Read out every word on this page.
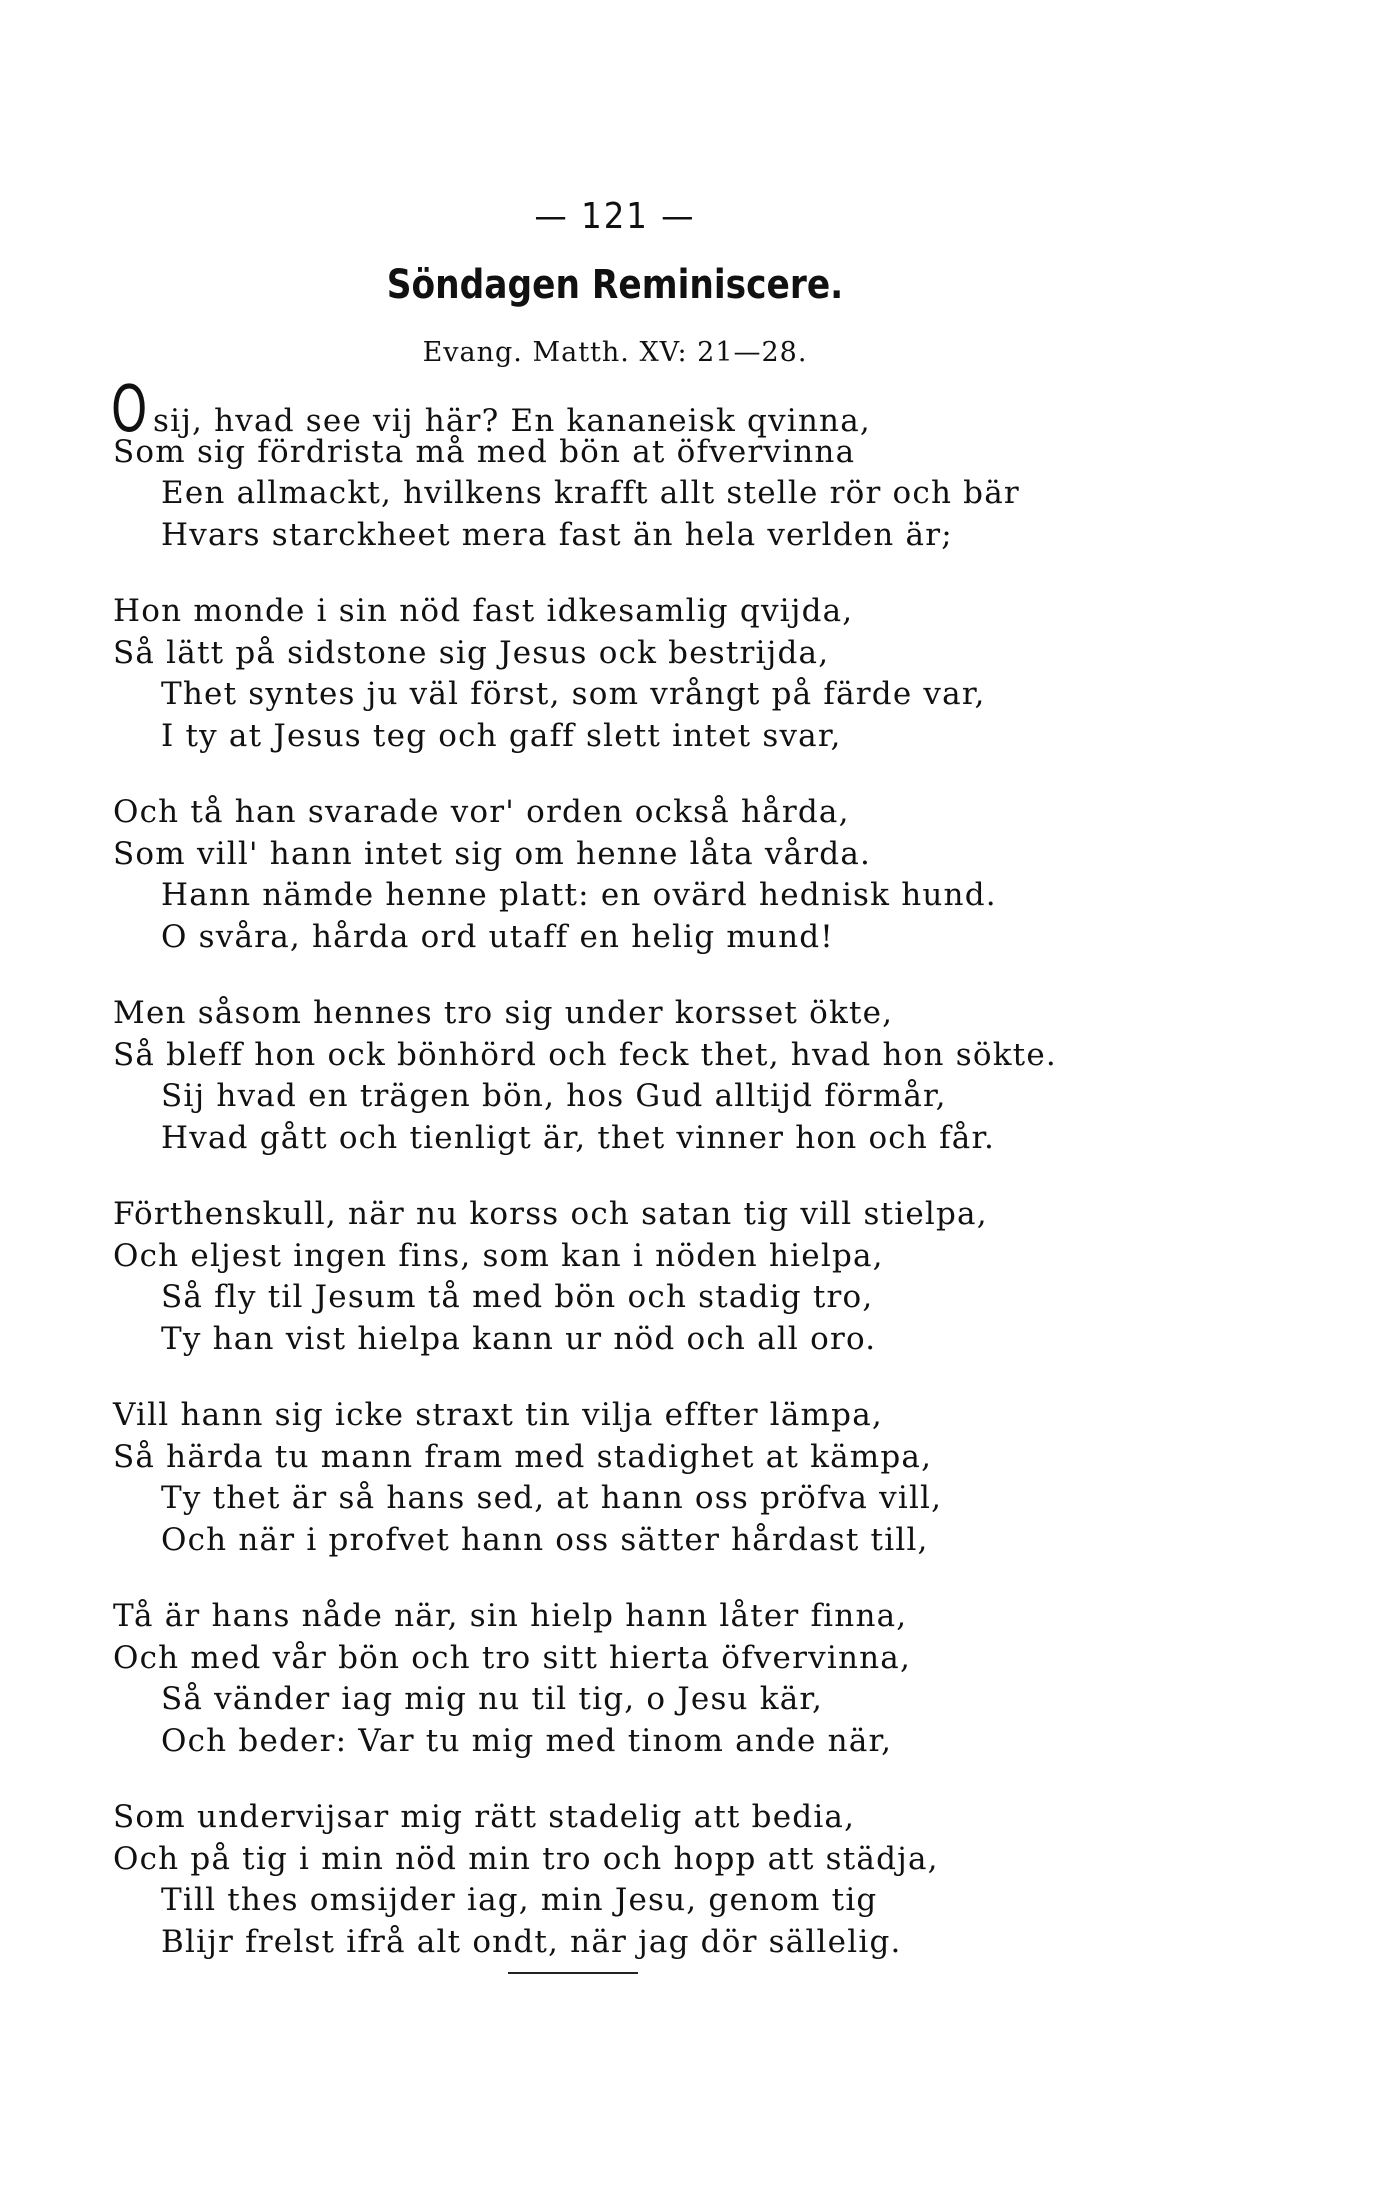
— 121 —
Söndagen Reminiscere.
Evang. Matth. XV: 21—28.
Osij, hvad see vij här? En kananeisk qvinna,
Som sig fördrista må med bön at öfvervinna
Een allmackt, hvilkens krafft allt stelle rör och bär
Hvars starckheet mera fast än hela verlden är;
Hon monde i sin nöd fast idkesamlig qvijda,
Så lätt på sidstone sig Jesus ock bestrijda,
Thet syntes ju väl först, som vrångt på färde var,
I ty at Jesus teg och gaff slett intet svar,
Och tå han svarade vor' orden också hårda,
Som vill' hann intet sig om henne låta vårda.
Hann nämde henne platt: en ovärd hednisk hund.
O svåra, hårda ord utaff en helig mund!
Men såsom hennes tro sig under korsset ökte,
Så bleff hon ock bönhörd och feck thet, hvad hon sökte.
Sij hvad en trägen bön, hos Gud alltijd förmår,
Hvad gått och tienligt är, thet vinner hon och får.
Förthenskull, när nu korss och satan tig vill stielpa,
Och eljest ingen fins, som kan i nöden hielpa,
Så fly til Jesum tå med bön och stadig tro,
Ty han vist hielpa kann ur nöd och all oro.
Vill hann sig icke straxt tin vilja effter lämpa,
Så härda tu mann fram med stadighet at kämpa,
Ty thet är så hans sed, at hann oss pröfva vill,
Och när i profvet hann oss sätter hårdast till,
Tå är hans nåde när, sin hielp hann låter finna,
Och med vår bön och tro sitt hierta öfvervinna,
Så vänder iag mig nu til tig, o Jesu kär,
Och beder: Var tu mig med tinom ande när,
Som undervijsar mig rätt stadelig att bedia,
Och på tig i min nöd min tro och hopp att städja,
Till thes omsijder iag, min Jesu, genom tig
Blijr frelst ifrå alt ondt, när jag dör sällelig.
